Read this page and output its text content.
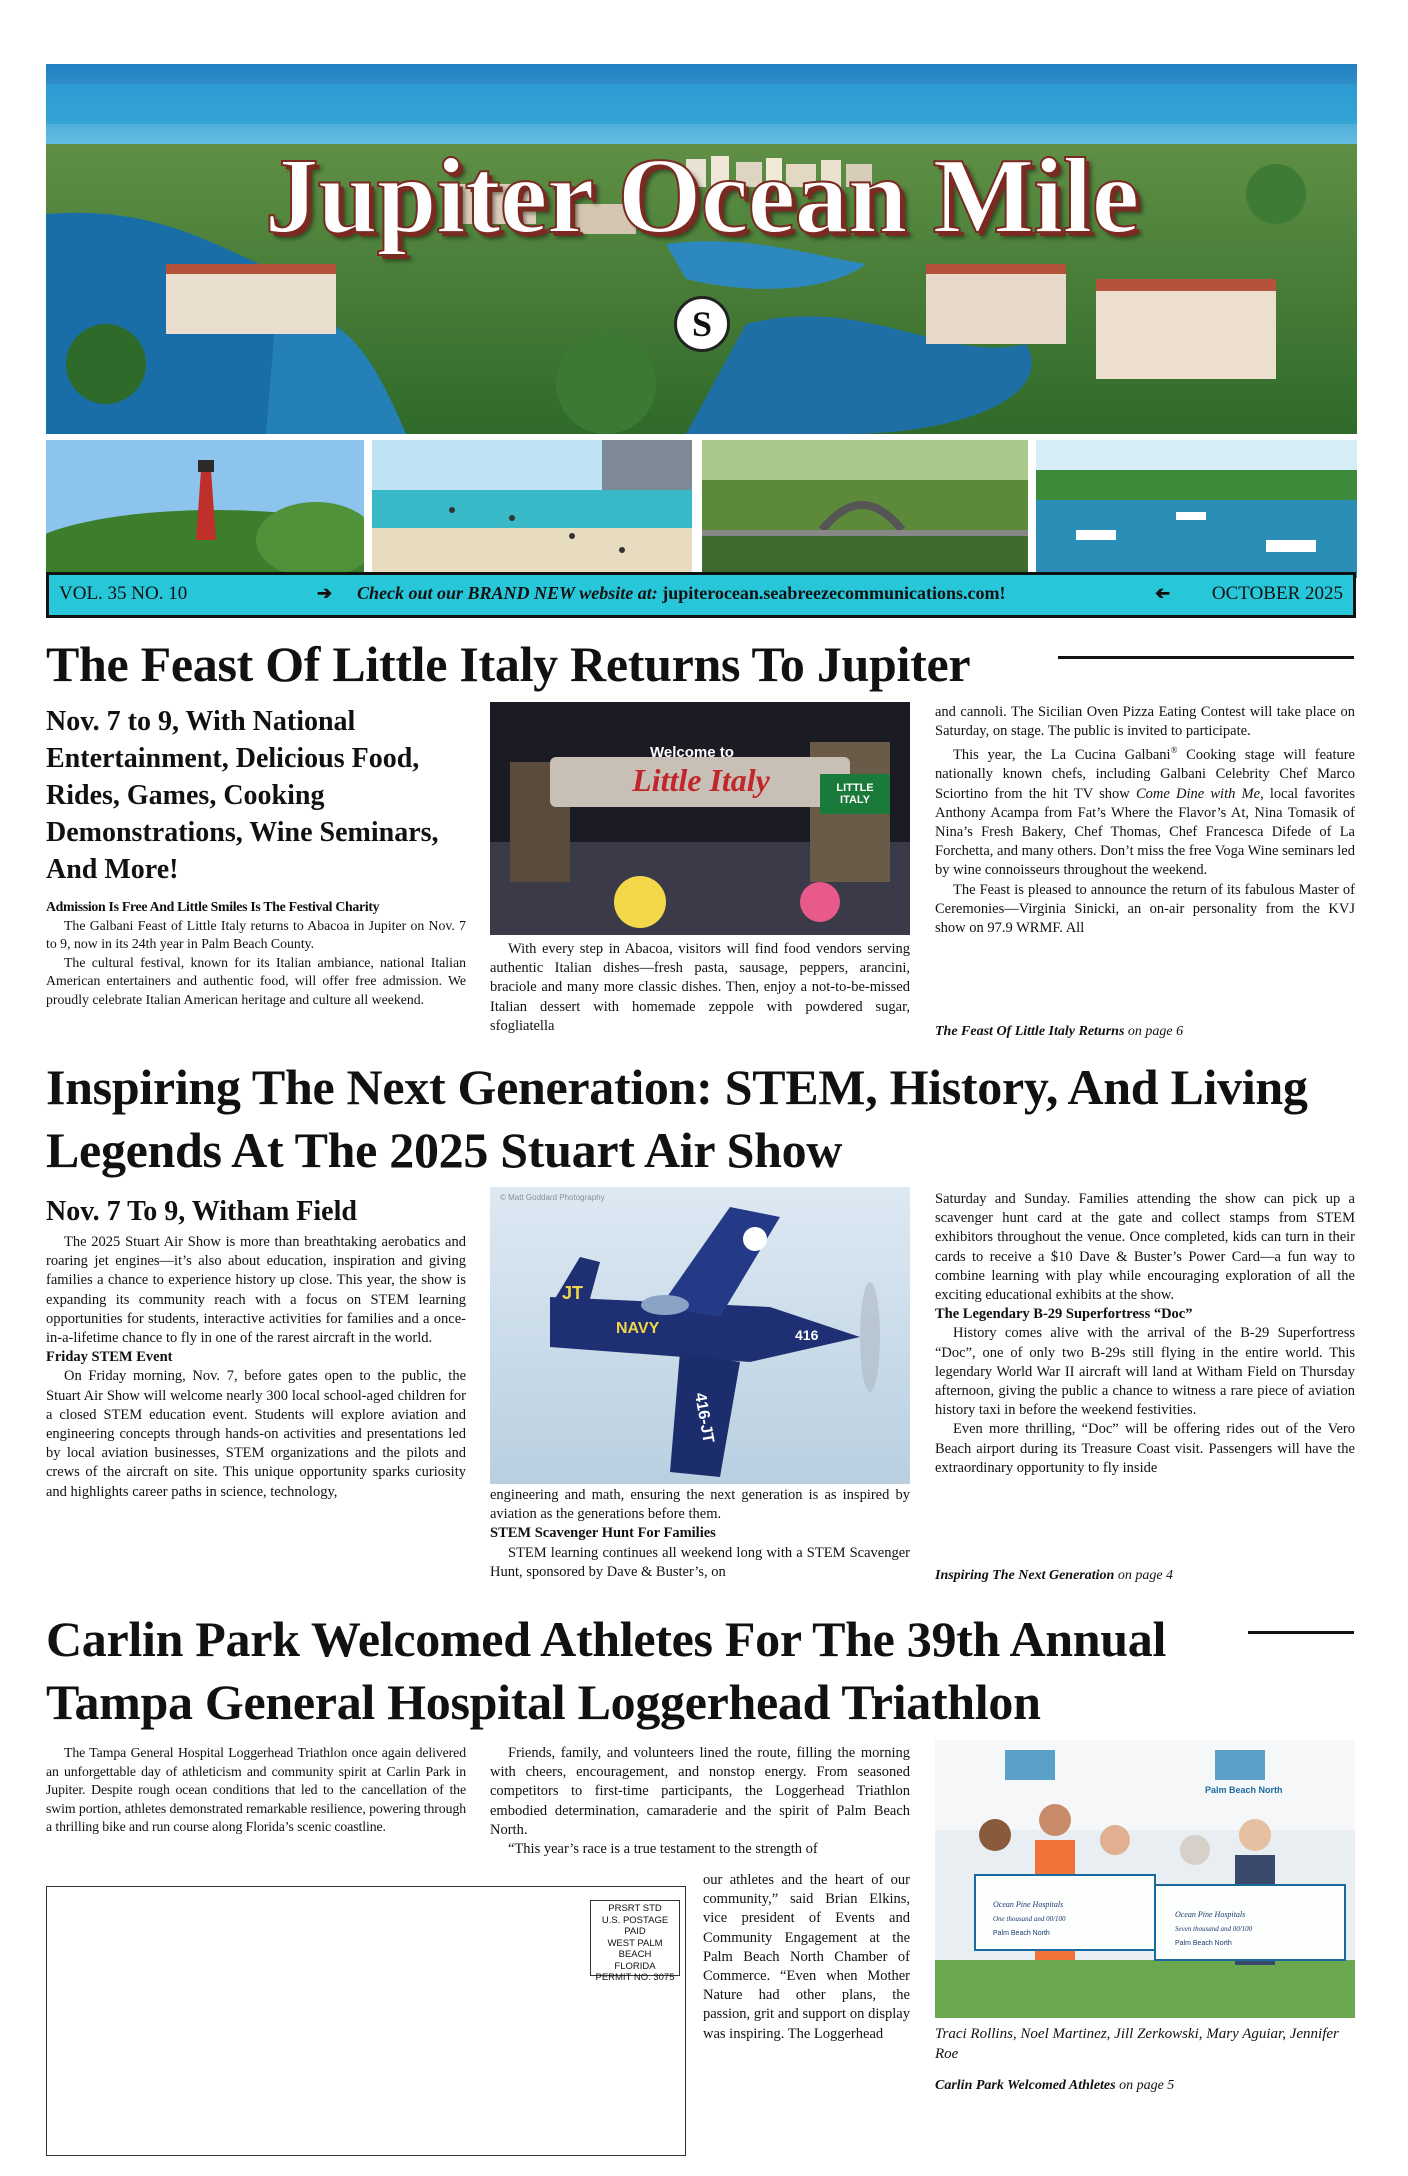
Jupiter Ocean Mile
S
VOL. 35 NO. 10	➔ Check out our BRAND NEW website at: jupiterocean.seabreezecommunications.com!	➔ OCTOBER 2025
The Feast Of Little Italy Returns To Jupiter
Nov. 7 to 9, With National Entertainment, Delicious Food, Rides, Games, Cooking Demonstrations, Wine Seminars, And More!

Admission Is Free And Little Smiles Is The Festival Charity

The Galbani Feast of Little Italy returns to Abacoa in Jupiter on Nov. 7 to 9, now in its 24th year in Palm Beach County.

The cultural festival, known for its Italian ambiance, national Italian American entertainers and authentic food, will offer free admission. We proudly celebrate Italian American heritage and culture all weekend.

Welcome to
Little Italy	LITTLE ITALY

With every step in Abacoa, visitors will find food vendors serving authentic Italian dishes—fresh pasta, sausage, peppers, arancini, braciole and many more classic dishes. Then, enjoy a not-to-be-missed Italian dessert with homemade zeppole with powdered sugar, sfogliatella

and cannoli. The Sicilian Oven Pizza Eating Contest will take place on Saturday, on stage. The public is invited to participate.

This year, the La Cucina Galbani® Cooking stage will feature nationally known chefs, including Galbani Celebrity Chef Marco Sciortino from the hit TV show Come Dine with Me, local favorites Anthony Acampa from Fat’s Where the Flavor’s At, Nina Tomasik of Nina’s Fresh Bakery, Chef Thomas, Chef Francesca Difede of La Forchetta, and many others. Don’t miss the free Voga Wine seminars led by wine connoisseurs throughout the weekend.

The Feast is pleased to announce the return of its fabulous Master of Ceremonies—Virginia Sinicki, an on-air personality from the KVJ show on 97.9 WRMF. All

The Feast Of Little Italy Returns on page 6
Inspiring The Next Generation: STEM, History, And Living
Legends At The 2025 Stuart Air Show
Nov. 7 To 9, Witham Field

The 2025 Stuart Air Show is more than breathtaking aerobatics and roaring jet engines—it’s also about education, inspiration and giving families a chance to experience history up close. This year, the show is expanding its community reach with a focus on STEM learning opportunities for students, interactive activities for families and a once-in-a-lifetime chance to fly in one of the rarest aircraft in the world.

Friday STEM Event

On Friday morning, Nov. 7, before gates open to the public, the Stuart Air Show will welcome nearly 300 local school-aged children for a closed STEM education event. Students will explore aviation and engineering concepts through hands-on activities and presentations led by local aviation businesses, STEM organizations and the pilots and crews of the aircraft on site. This unique opportunity sparks curiosity and highlights career paths in science, technology,

© Matt Goddard Photography
JT
NAVY	416
416-JT

engineering and math, ensuring the next generation is as inspired by aviation as the generations before them.

STEM Scavenger Hunt For Families

STEM learning continues all weekend long with a STEM Scavenger Hunt, sponsored by Dave & Buster’s, on

Saturday and Sunday. Families attending the show can pick up a scavenger hunt card at the gate and collect stamps from STEM exhibitors throughout the venue. Once completed, kids can turn in their cards to receive a $10 Dave & Buster’s Power Card—a fun way to combine learning with play while encouraging exploration of all the exciting educational exhibits at the show.

The Legendary B-29 Superfortress “Doc”

History comes alive with the arrival of the B-29 Superfortress “Doc”, one of only two B-29s still flying in the entire world. This legendary World War II aircraft will land at Witham Field on Thursday afternoon, giving the public a chance to witness a rare piece of aviation history taxi in before the weekend festivities.

Even more thrilling, “Doc” will be offering rides out of the Vero Beach airport during its Treasure Coast visit. Passengers will have the extraordinary opportunity to fly inside

Inspiring The Next Generation on page 4
Carlin Park Welcomed Athletes For The 39th Annual
Tampa General Hospital Loggerhead Triathlon

The Tampa General Hospital Loggerhead Triathlon once again delivered an unforgettable day of athleticism and community spirit at Carlin Park in Jupiter. Despite rough ocean conditions that led to the cancellation of the swim portion, athletes demonstrated remarkable resilience, powering through a thrilling bike and run course along Florida’s scenic coastline.

PRSRT STD
U.S. POSTAGE
PAID
WEST PALM BEACH
FLORIDA
PERMIT NO. 3075

Friends, family, and volunteers lined the route, filling the morning with cheers, encouragement, and nonstop energy. From seasoned competitors to first-time participants, the Loggerhead Triathlon embodied determination, camaraderie and the spirit of Palm Beach North.

“This year’s race is a true testament to the strength of

our athletes and the heart of our community,” said Brian Elkins, vice president of Events and Community Engagement at the Palm Beach North Chamber of Commerce. “Even when Mother Nature had other plans, the passion, grit and support on display was inspiring. The Loggerhead

Ocean Pine Hospitals
One thousand and 00/100
Palm Beach North
Ocean Pine Hospitals
Seven thousand and 00/100
Palm Beach North
Palm Beach North
Traci Rollins, Noel Martinez, Jill Zerkowski, Mary Aguiar, Jennifer Roe
Carlin Park Welcomed Athletes on page 5
